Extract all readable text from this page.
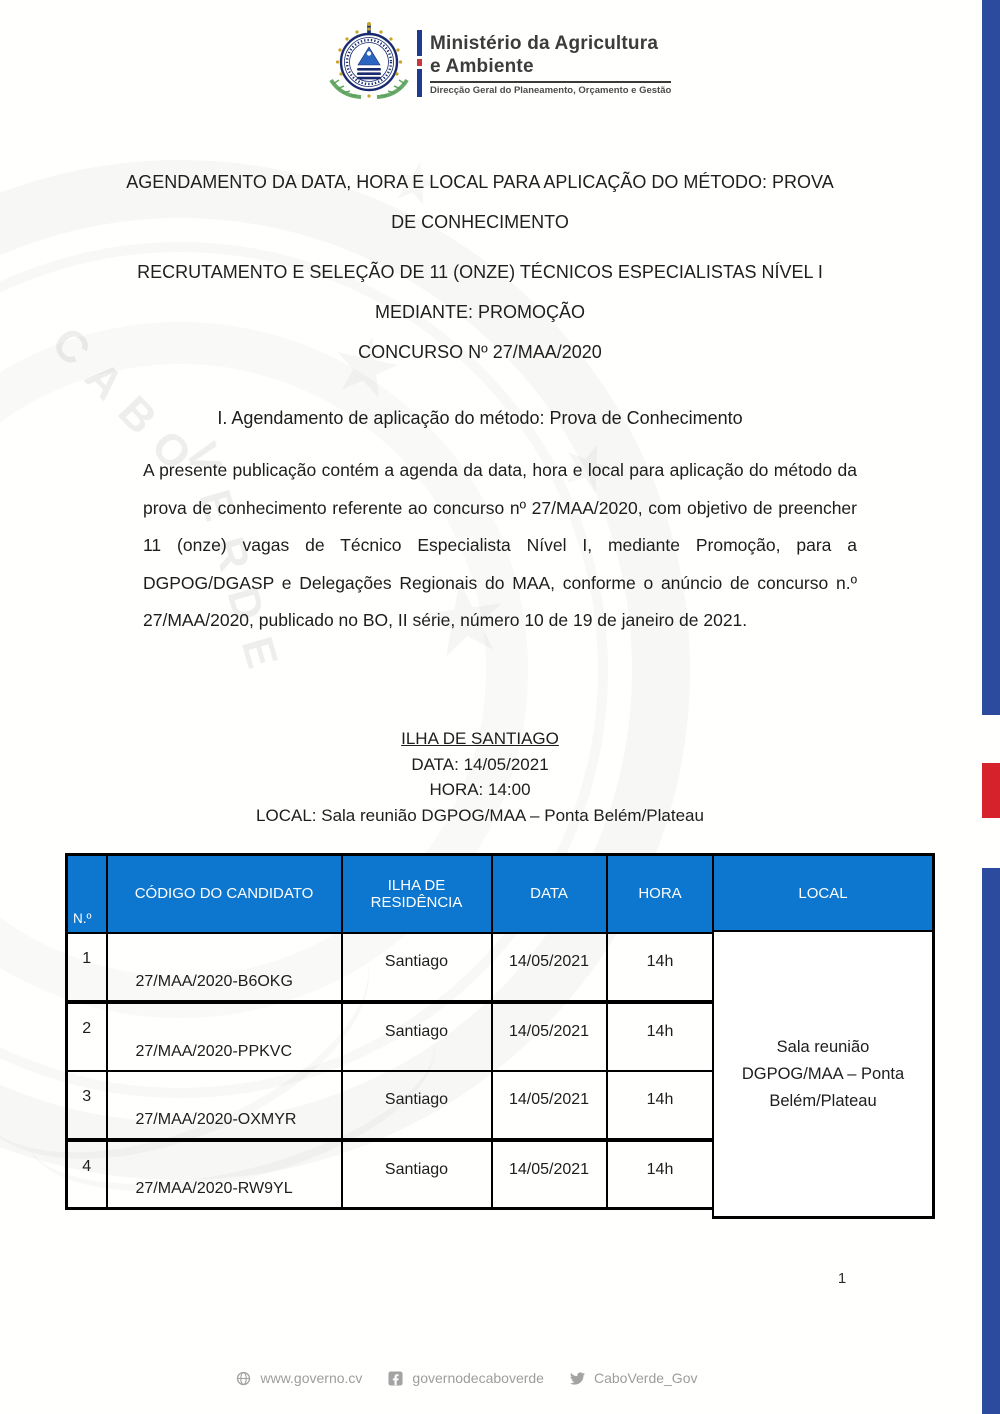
CABO
VERDE
★
★
★
★
Ministério da Agricultura
e Ambiente
Direcção Geral do Planeamento, Orçamento e Gestão
AGENDAMENTO DA DATA, HORA E LOCAL PARA APLICAÇÃO DO MÉTODO: PROVA
DE CONHECIMENTO
RECRUTAMENTO E SELEÇÃO DE 11 (ONZE) TÉCNICOS ESPECIALISTAS NÍVEL I
MEDIANTE: PROMOÇÃO
CONCURSO Nº 27/MAA/2020
I. Agendamento de aplicação do método: Prova de Conhecimento
A presente publicação contém a agenda da data, hora e local para aplicação do método da prova de conhecimento referente ao concurso nº 27/MAA/2020, com objetivo de preencher 11 (onze) vagas de Técnico Especialista Nível I, mediante Promoção, para a DGPOG/DGASP e Delegações Regionais do MAA, conforme o anúncio de concurso n.º 27/MAA/2020, publicado no BO, II série, número 10 de 19 de janeiro de 2021.
ILHA DE SANTIAGO
DATA: 14/05/2021
HORA: 14:00
LOCAL: Sala reunião DGPOG/MAA – Ponta Belém/Plateau
N.º	CÓDIGO DO CANDIDATO	ILHA DE RESIDÊNCIA	DATA	HORA
1	27/MAA/2020-B6OKG	Santiago	14/05/2021	14h
2	27/MAA/2020-PPKVC	Santiago	14/05/2021	14h
3	27/MAA/2020-OXMYR	Santiago	14/05/2021	14h
4	27/MAA/2020-RW9YL	Santiago	14/05/2021	14h
LOCAL
Sala reunião DGPOG/MAA – Ponta Belém/Plateau
1
www.governo.cv	governodecaboverde	CaboVerde_Gov
